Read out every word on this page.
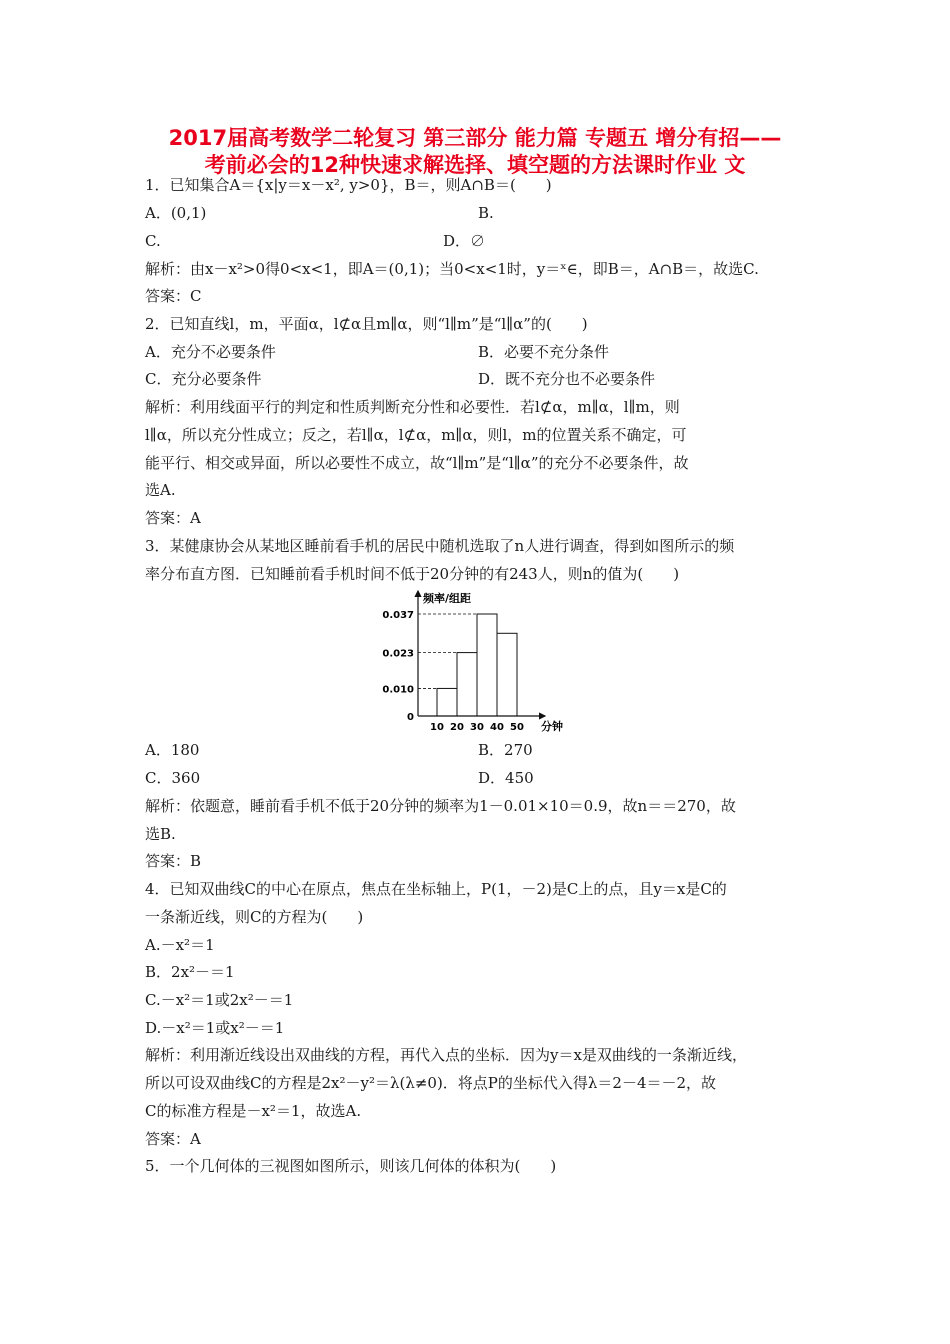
2017届高考数学二轮复习 第三部分 能力篇 专题五 增分有招——
考前必会的12种快速求解选择、填空题的方法课时作业 文
1．已知集合A＝{x|y＝x－x², y>0}，B＝，则A∩B＝(　　)
A．(0,1)	B.
C.	D．∅
解析：由x－x²>0得0<x<1，即A＝(0,1)；当0<x<1时，y＝ˣ∈，即B＝，A∩B＝，故选C.
答案：C
2．已知直线l，m，平面α，l⊄α且m∥α，则“l∥m”是“l∥α”的(　　)
A．充分不必要条件	B．必要不充分条件
C．充分必要条件	D．既不充分也不必要条件
解析：利用线面平行的判定和性质判断充分性和必要性．若l⊄α，m∥α，l∥m，则
l∥α，所以充分性成立；反之，若l∥α，l⊄α，m∥α，则l，m的位置关系不确定，可
能平行、相交或异面，所以必要性不成立，故“l∥m”是“l∥α”的充分不必要条件，故
选A.
答案：A
3．某健康协会从某地区睡前看手机的居民中随机选取了n人进行调查，得到如图所示的频
率分布直方图．已知睡前看手机时间不低于20分钟的有243人，则n的值为(　　)
频率/组距
分钟
0
0.037
0.023
0.010
10 20 30 40 50
A．180	B．270
C．360	D．450
解析：依题意，睡前看手机不低于20分钟的频率为1－0.01×10＝0.9，故n＝＝270，故
选B.
答案：B
4．已知双曲线C的中心在原点，焦点在坐标轴上，P(1，－2)是C上的点，且y＝x是C的
一条渐近线，则C的方程为(　　)
A.－x²＝1
B．2x²－＝1
C.－x²＝1或2x²－＝1
D.－x²＝1或x²－＝1
解析：利用渐近线设出双曲线的方程，再代入点的坐标．因为y＝x是双曲线的一条渐近线，
所以可设双曲线C的方程是2x²－y²＝λ(λ≠0)．将点P的坐标代入得λ＝2－4＝－2，故
C的标准方程是－x²＝1，故选A.
答案：A
5．一个几何体的三视图如图所示，则该几何体的体积为(　　)
